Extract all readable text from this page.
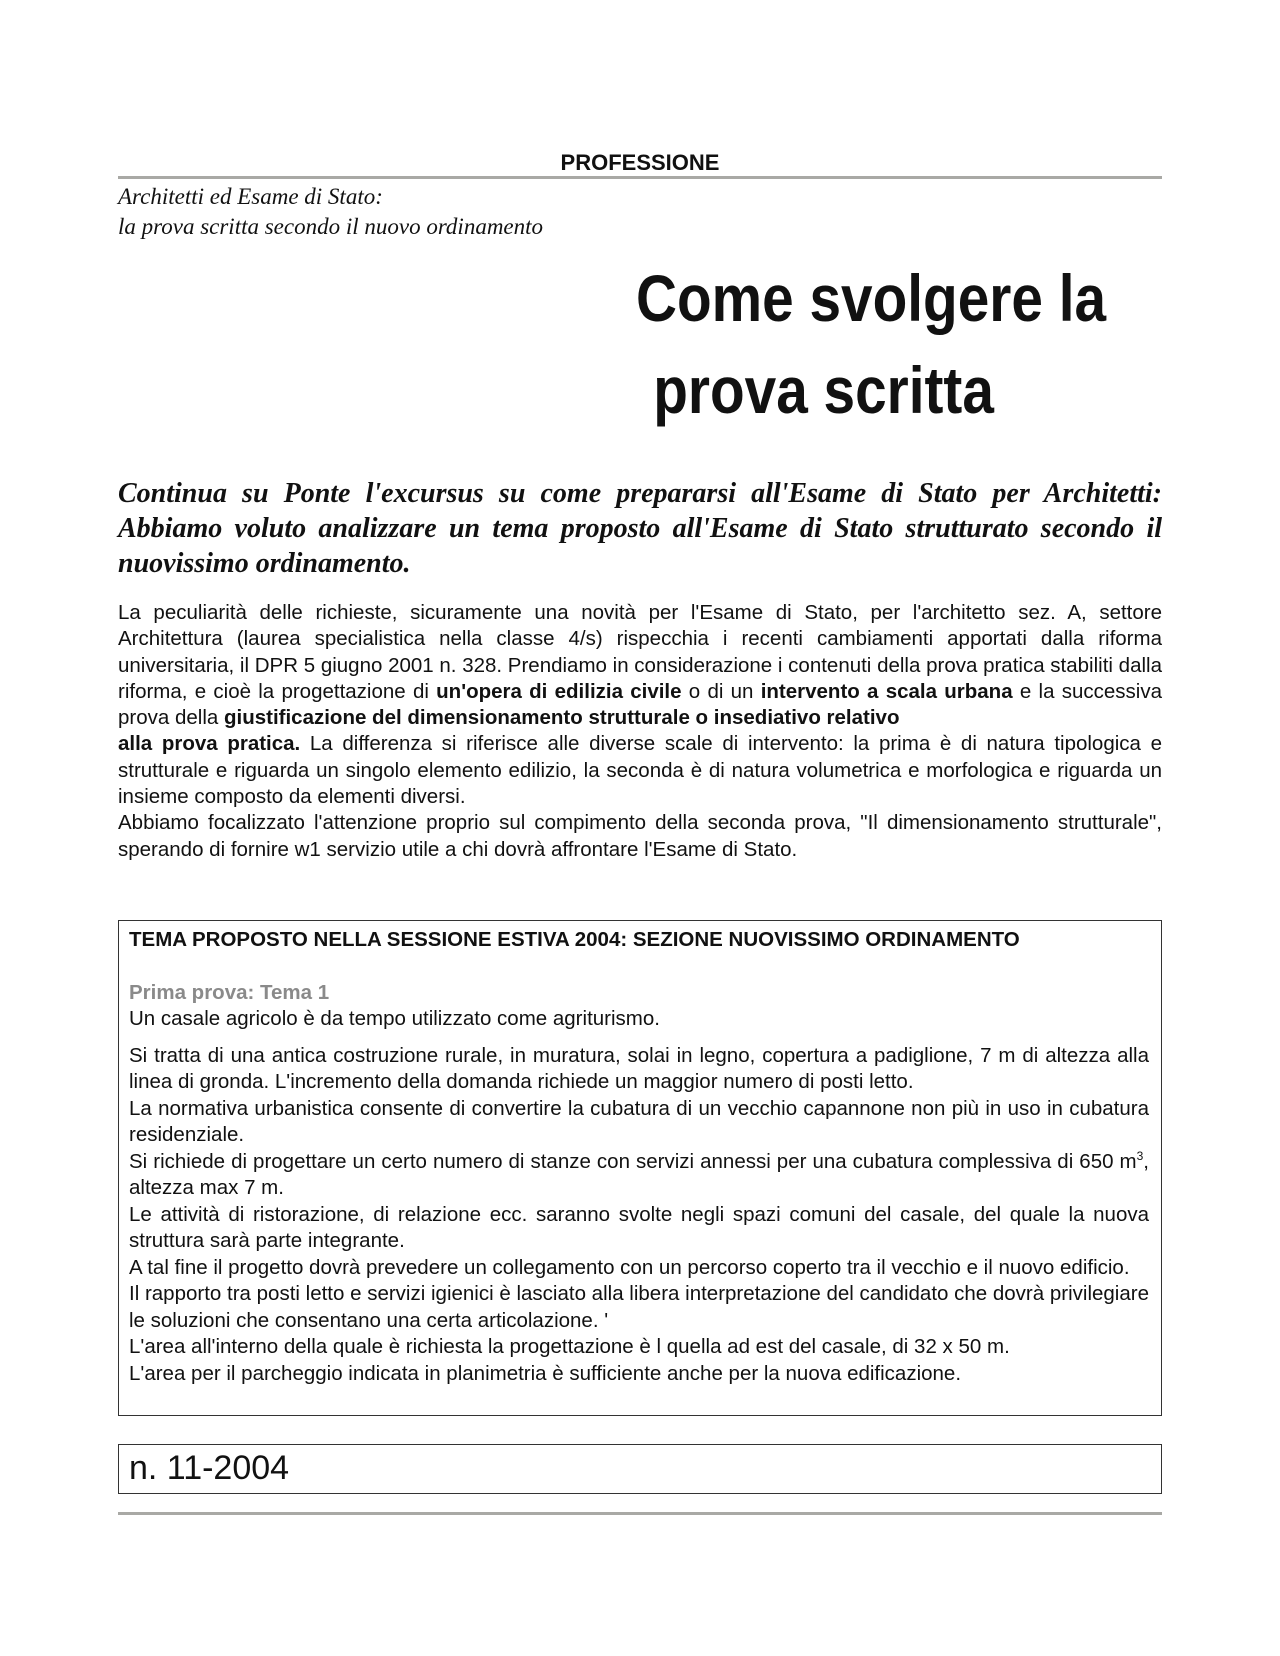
PROFESSIONE
Architetti ed Esame di Stato:
la prova scritta secondo il nuovo ordinamento
Come svolgere la
prova scritta
Continua su Ponte l'excursus su come prepararsi all'Esame di Stato per Architetti: Abbiamo voluto analizzare un tema proposto all'Esame di Stato strutturato secondo il nuovissimo ordinamento.

La peculiarità delle richieste, sicuramente una novità per l'Esame di Stato, per l'architetto sez. A, settore Architettura (laurea specialistica nella classe 4/s) rispecchia i recenti cambiamenti apportati dalla riforma universitaria, il DPR 5 giugno 2001 n. 328. Prendiamo in considerazione i contenuti della prova pratica stabiliti dalla riforma, e cioè la progettazione di un'opera di edilizia civile o di un intervento a scala urbana e la successiva prova della giustificazione del dimensionamento strutturale o insediativo relativo

alla prova pratica. La differenza si riferisce alle diverse scale di intervento: la prima è di natura tipologica e strutturale e riguarda un singolo elemento edilizio, la seconda è di natura volumetrica e morfologica e riguarda un insieme composto da elementi diversi.

Abbiamo focalizzato l'attenzione proprio sul compimento della seconda prova, "Il dimensionamento strutturale", sperando di fornire w1 servizio utile a chi dovrà affrontare l'Esame di Stato.

TEMA PROPOSTO NELLA SESSIONE ESTIVA 2004: SEZIONE NUOVISSIMO ORDINAMENTO
Prima prova: Tema 1

Un casale agricolo è da tempo utilizzato come agriturismo.

Si tratta di una antica costruzione rurale, in muratura, solai in legno, copertura a padiglione, 7 m di altezza alla linea di gronda. L'incremento della domanda richiede un maggior numero di posti letto.

La normativa urbanistica consente di convertire la cubatura di un vecchio capannone non più in uso in cubatura residenziale.

Si richiede di progettare un certo numero di stanze con servizi annessi per una cubatura complessiva di 650 $m^3$, altezza max 7 m.

Le attività di ristorazione, di relazione ecc. saranno svolte negli spazi comuni del casale, del quale la nuova struttura sarà parte integrante.

A tal fine il progetto dovrà prevedere un collegamento con un percorso coperto tra il vecchio e il nuovo edificio.

Il rapporto tra posti letto e servizi igienici è lasciato alla libera interpretazione del candidato che dovrà privilegiare le soluzioni che consentano una certa articolazione. '

L'area all'interno della quale è richiesta la progettazione è l quella ad est del casale, di 32 x 50 m.

L'area per il parcheggio indicata in planimetria è sufficiente anche per la nuova edificazione.

n. 11-2004
